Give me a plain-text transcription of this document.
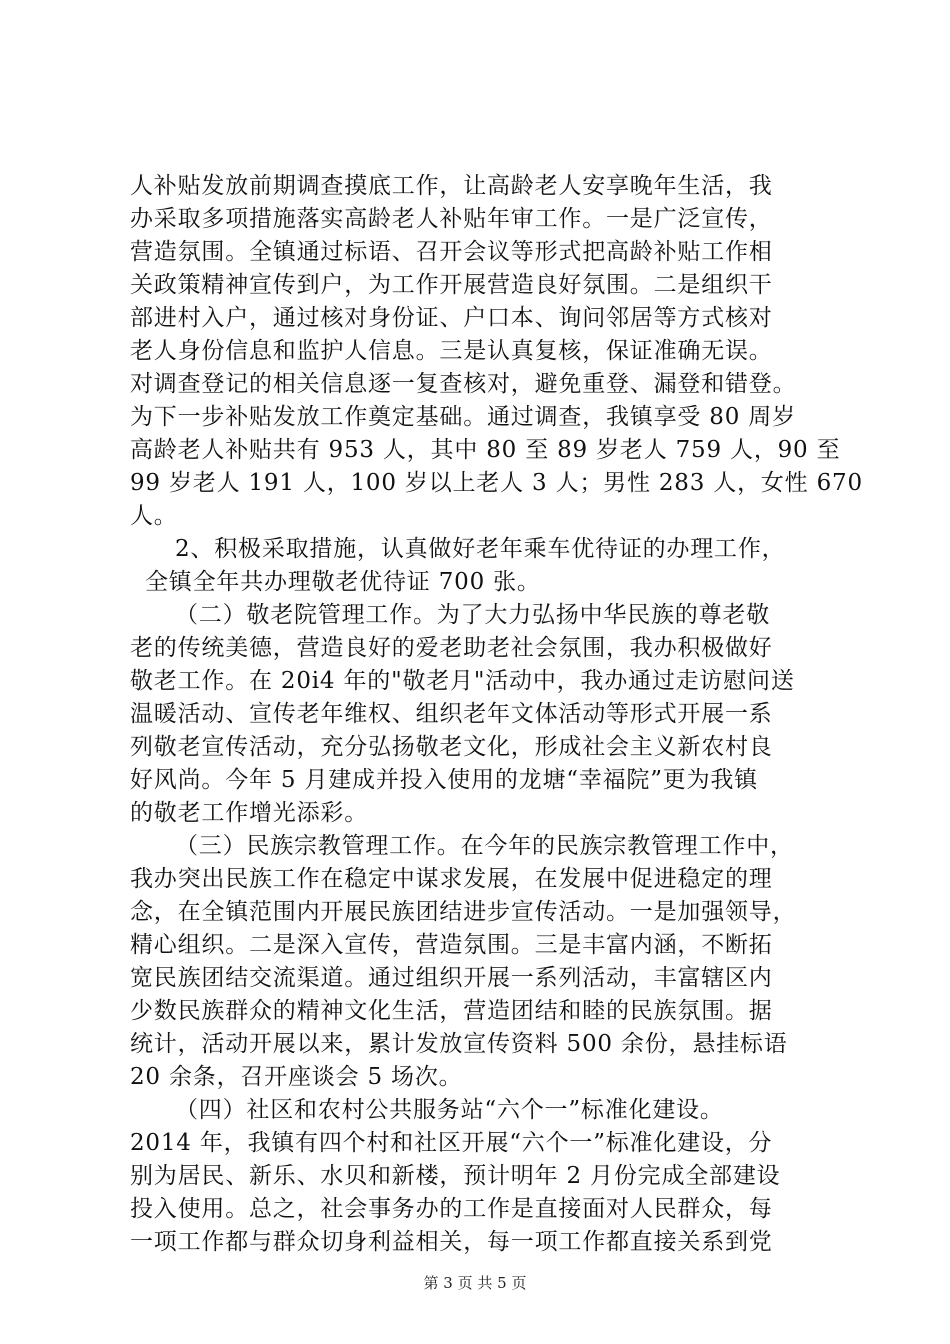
人补贴发放前期调查摸底工作，让高龄老人安享晚年生活，我
办采取多项措施落实高龄老人补贴年审工作。一是广泛宣传，
营造氛围。全镇通过标语、召开会议等形式把高龄补贴工作相
关政策精神宣传到户，为工作开展营造良好氛围。二是组织干
部进村入户，通过核对身份证、户口本、询问邻居等方式核对
老人身份信息和监护人信息。三是认真复核，保证准确无误。
对调查登记的相关信息逐一复查核对，避免重登、漏登和错登。
为下一步补贴发放工作奠定基础。通过调查，我镇享受 80 周岁
高龄老人补贴共有 953 人，其中 80 至 89 岁老人 759 人，90 至
99 岁老人 191 人，100 岁以上老人 3 人；男性 283 人，女性 670
人。
2、积极采取措施，认真做好老年乘车优待证的办理工作，
全镇全年共办理敬老优待证 700 张。
（二）敬老院管理工作。为了大力弘扬中华民族的尊老敬
老的传统美德，营造良好的爱老助老社会氛围，我办积极做好
敬老工作。在 20i4 年的"敬老月"活动中，我办通过走访慰问送
温暖活动、宣传老年维权、组织老年文体活动等形式开展一系
列敬老宣传活动，充分弘扬敬老文化，形成社会主义新农村良
好风尚。今年 5 月建成并投入使用的龙塘“幸福院”更为我镇
的敬老工作增光添彩。
（三）民族宗教管理工作。在今年的民族宗教管理工作中，
我办突出民族工作在稳定中谋求发展，在发展中促进稳定的理
念，在全镇范围内开展民族团结进步宣传活动。一是加强领导，
精心组织。二是深入宣传，营造氛围。三是丰富内涵，不断拓
宽民族团结交流渠道。通过组织开展一系列活动，丰富辖区内
少数民族群众的精神文化生活，营造团结和睦的民族氛围。据
统计，活动开展以来，累计发放宣传资料 500 余份，悬挂标语
20 余条，召开座谈会 5 场次。
（四）社区和农村公共服务站“六个一”标准化建设。
2014 年，我镇有四个村和社区开展“六个一”标准化建设，分
别为居民、新乐、水贝和新楼，预计明年 2 月份完成全部建设
投入使用。总之，社会事务办的工作是直接面对人民群众，每
一项工作都与群众切身利益相关，每一项工作都直接关系到党
第 3 页 共 5 页
